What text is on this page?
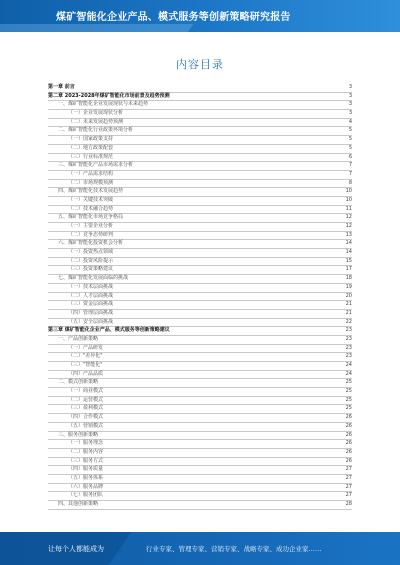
煤矿智能化企业产品、模式服务等创新策略研究报告
内容目录
第一章 前言	3
第二章 2023-2028年煤矿智能化市场前景及趋势预测	3
一、煤矿智能化企业发展现状与未来趋势	3
（一）企业发展现状分析	3
（二）未来发展趋势预测	4
二、煤矿智能化行业政策环境分析	5
（一）国家政策支持	5
（二）地方政策配套	5
（三）行业标准规范	6
三、煤矿智能化产品市场需求分析	7
（一）产品需求结构	7
（二）市场规模预测	8
四、煤矿智能化技术发展趋势	10
（一）关键技术突破	10
（二）技术融合趋势	11
五、煤矿智能化市场竞争格局	12
（一）主要企业分析	12
（二）竞争态势研判	13
六、煤矿智能化投资机会分析	14
（一）投资热点领域	14
（二）投资风险提示	15
（三）投资策略建议	17
七、煤矿智能化发展面临的挑战	18
（一）技术层面挑战	19
（二）人才层面挑战	20
（三）资金层面挑战	21
（四）管理层面挑战	21
（五）安全层面挑战	22
第三章 煤矿智能化企业产品、模式服务等创新策略建议	23
一、产品创新策略	23
（一）产品研发	23
（二）"差异化"	23
（三）"智能化"	24
（四）产品品质	24
二、模式创新策略	25
（一）商业模式	25
（二）运营模式	25
（三）盈利模式	25
（四）合作模式	26
（五）营销模式	26
三、服务创新策略	26
（一）服务理念	26
（二）服务内容	26
（三）服务方式	26
（四）服务质量	27
（五）服务体系	27
（六）服务品牌	27
（七）服务团队	27
四、其他创新策略	28
让每个人都能成为	行业专家、管理专家、营销专家、战略专家、成功企业家……
